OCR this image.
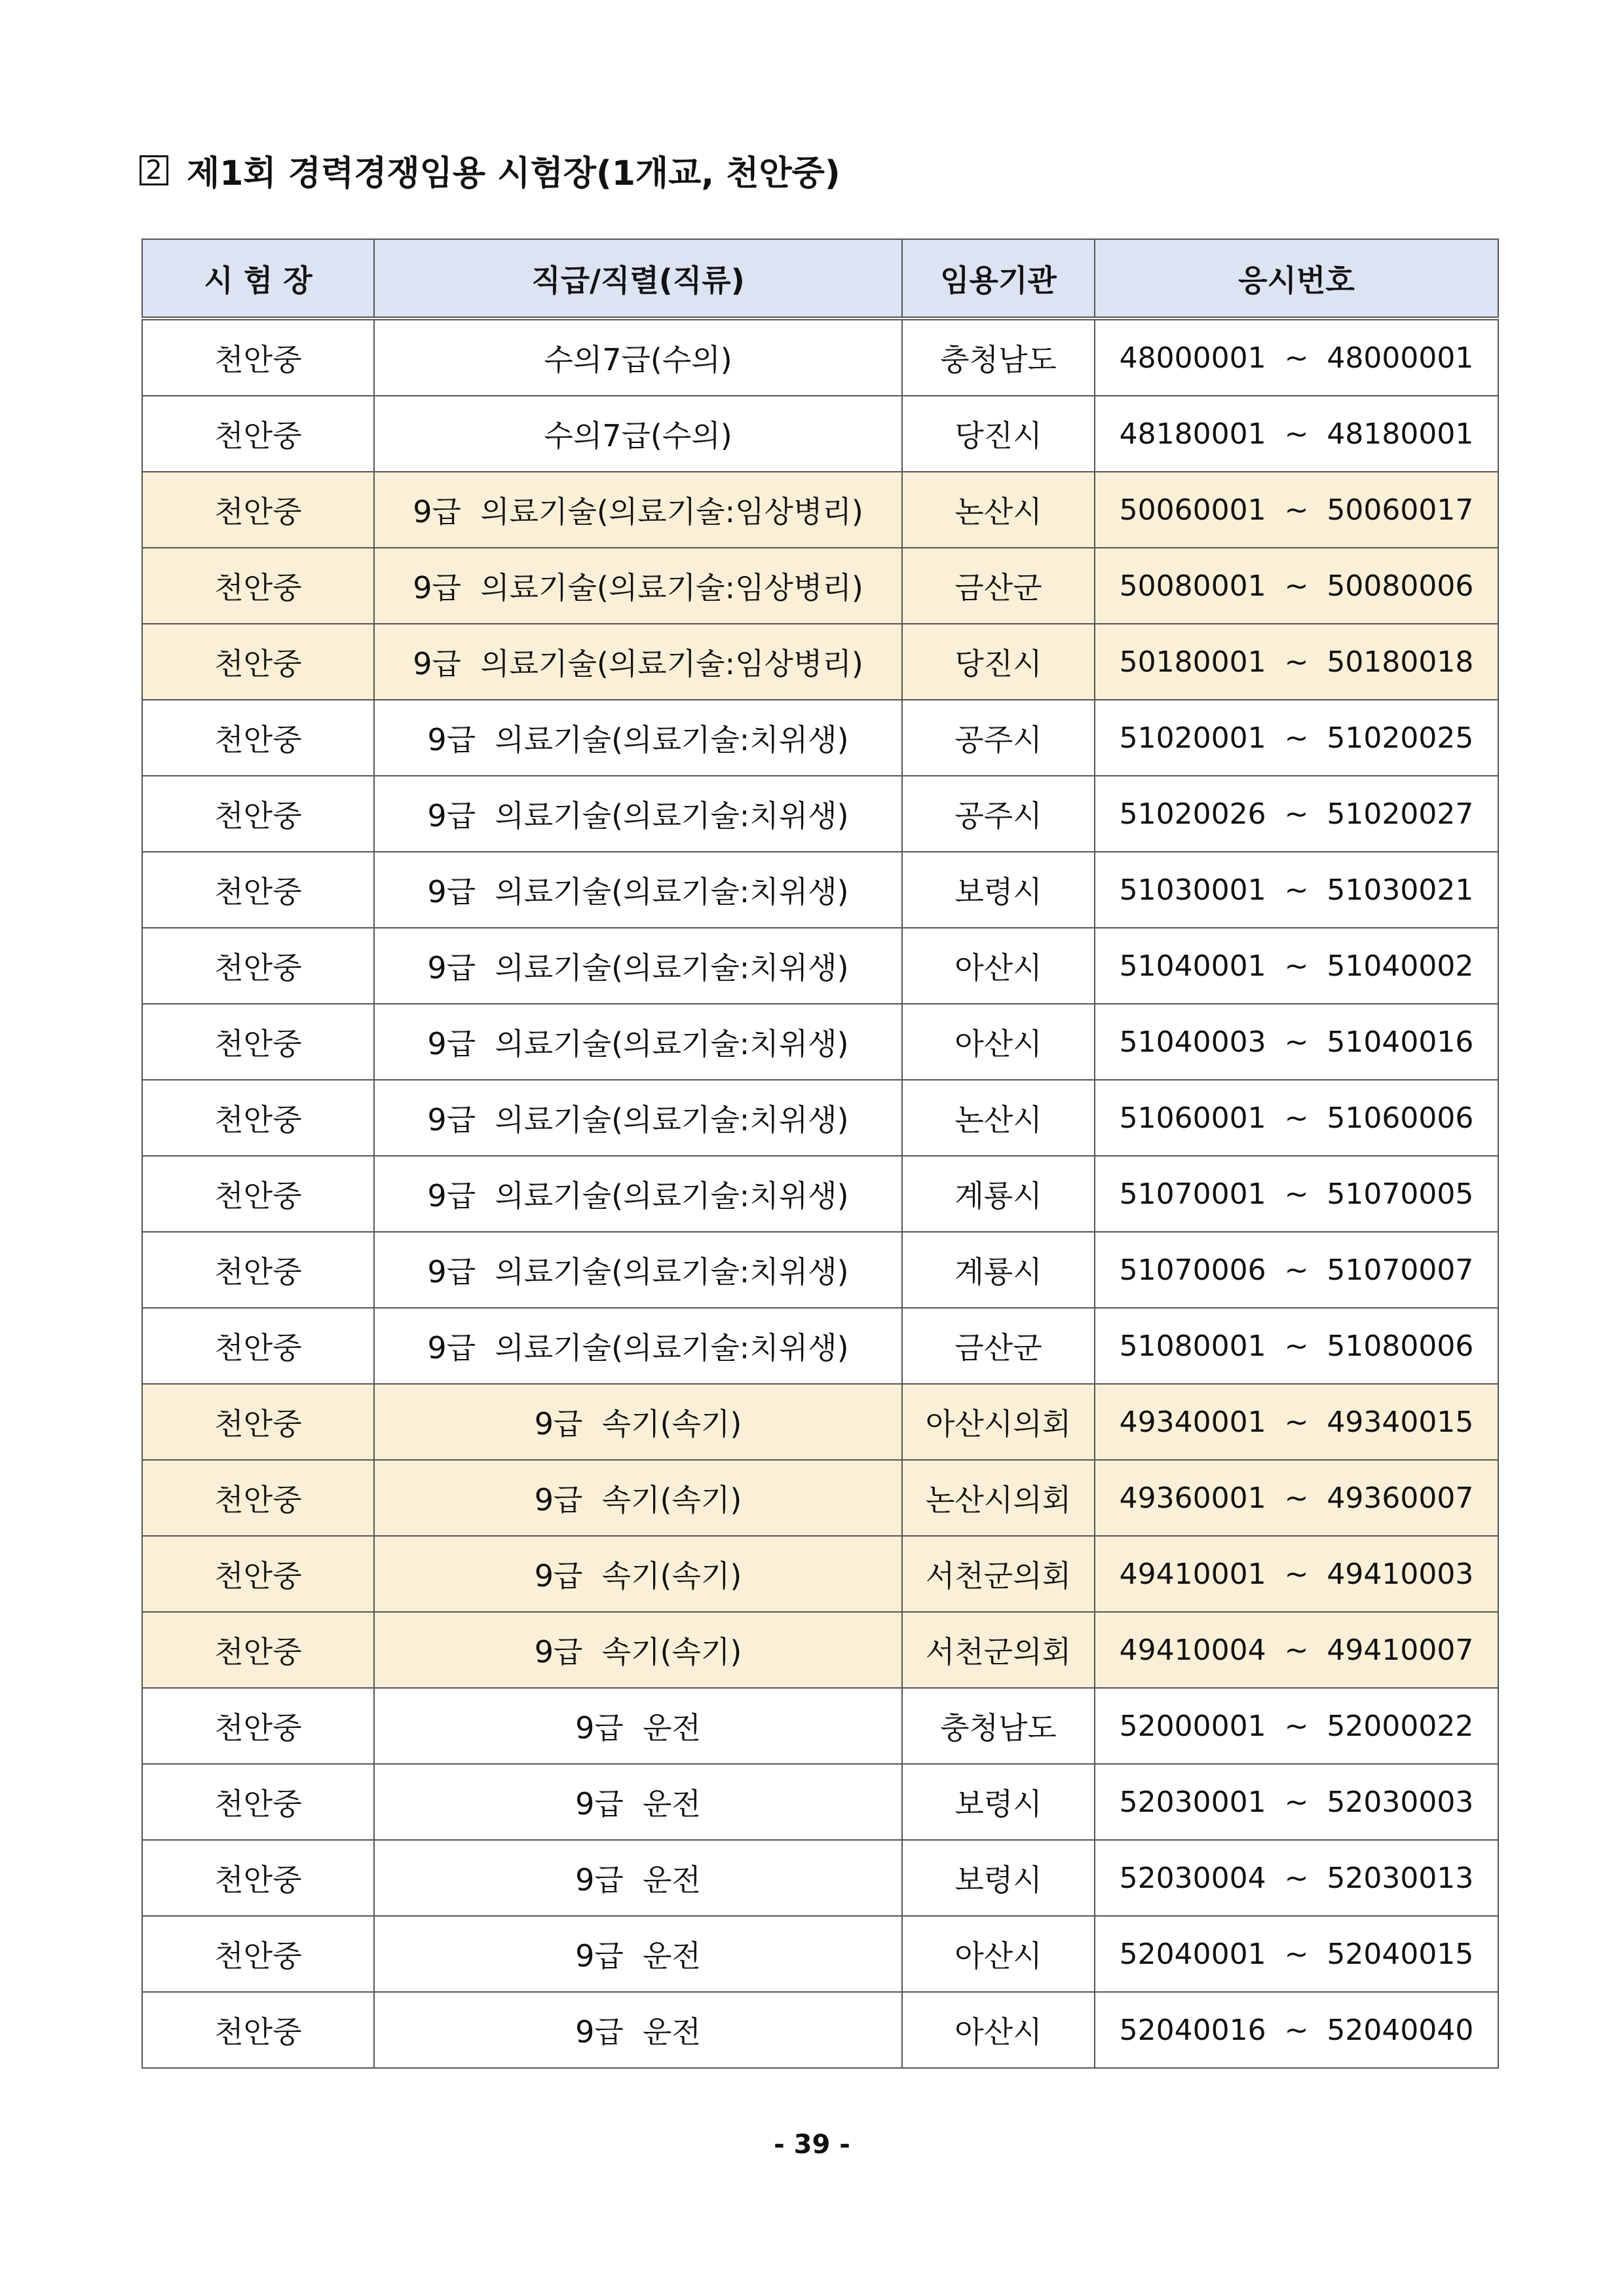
2 제1회 경력경쟁임용 시험장(1개교, 천안중)
시 험 장	직급/직렬(직류)	임용기관	응시번호
천안중	수의7급(수의)	충청남도	48000001  ~  48000001
천안중	수의7급(수의)	당진시	48180001  ~  48180001
천안중	9급  의료기술(의료기술:임상병리)	논산시	50060001  ~  50060017
천안중	9급  의료기술(의료기술:임상병리)	금산군	50080001  ~  50080006
천안중	9급  의료기술(의료기술:임상병리)	당진시	50180001  ~  50180018
천안중	9급  의료기술(의료기술:치위생)	공주시	51020001  ~  51020025
천안중	9급  의료기술(의료기술:치위생)	공주시	51020026  ~  51020027
천안중	9급  의료기술(의료기술:치위생)	보령시	51030001  ~  51030021
천안중	9급  의료기술(의료기술:치위생)	아산시	51040001  ~  51040002
천안중	9급  의료기술(의료기술:치위생)	아산시	51040003  ~  51040016
천안중	9급  의료기술(의료기술:치위생)	논산시	51060001  ~  51060006
천안중	9급  의료기술(의료기술:치위생)	계룡시	51070001  ~  51070005
천안중	9급  의료기술(의료기술:치위생)	계룡시	51070006  ~  51070007
천안중	9급  의료기술(의료기술:치위생)	금산군	51080001  ~  51080006
천안중	9급  속기(속기)	아산시의회	49340001  ~  49340015
천안중	9급  속기(속기)	논산시의회	49360001  ~  49360007
천안중	9급  속기(속기)	서천군의회	49410001  ~  49410003
천안중	9급  속기(속기)	서천군의회	49410004  ~  49410007
천안중	9급  운전	충청남도	52000001  ~  52000022
천안중	9급  운전	보령시	52030001  ~  52030003
천안중	9급  운전	보령시	52030004  ~  52030013
천안중	9급  운전	아산시	52040001  ~  52040015
천안중	9급  운전	아산시	52040016  ~  52040040
- 39 -
